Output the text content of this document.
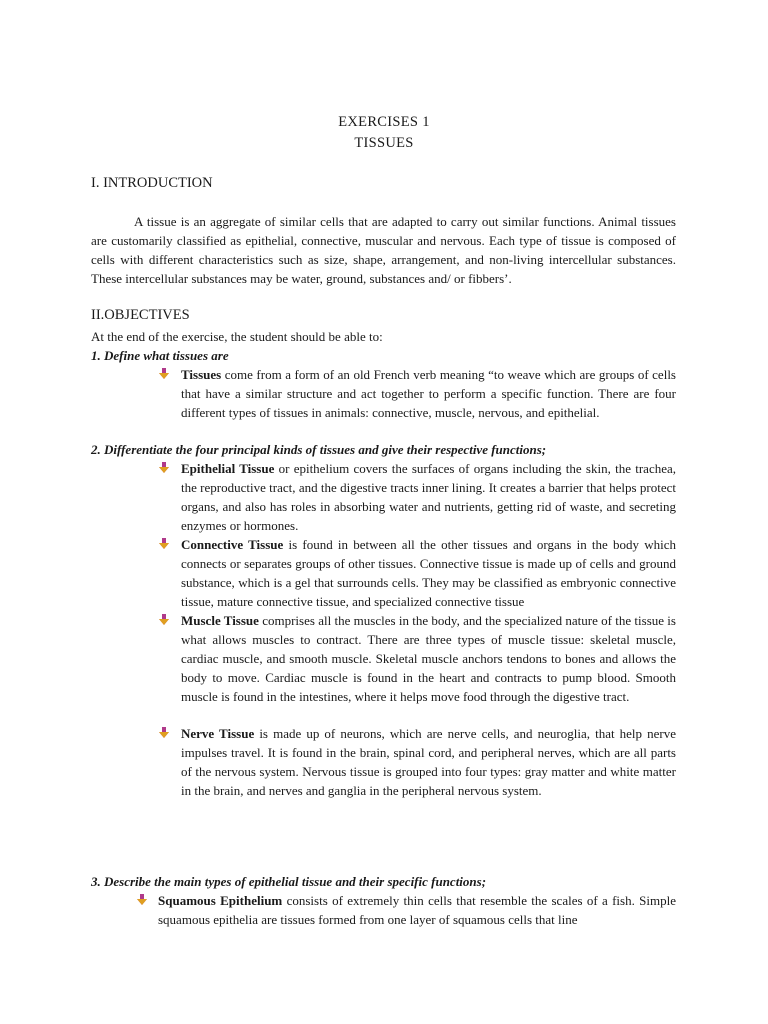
EXERCISES 1
TISSUES
I. INTRODUCTION
A tissue is an aggregate of similar cells that are adapted to carry out similar functions. Animal tissues are customarily classified as epithelial, connective, muscular and nervous. Each type of tissue is composed of cells with different characteristics such as size, shape, arrangement, and non-living intercellular substances. These intercellular substances may be water, ground, substances and/ or fibbers’.
II.OBJECTIVES
At the end of the exercise, the student should be able to:
1. Define what tissues are
Tissues come from a form of an old French verb meaning “to weave which are groups of cells that have a similar structure and act together to perform a specific function. There are four different types of tissues in animals: connective, muscle, nervous, and epithelial.
2. Differentiate the four principal kinds of tissues and give their respective functions;
Epithelial Tissue or epithelium covers the surfaces of organs including the skin, the trachea, the reproductive tract, and the digestive tracts inner lining. It creates a barrier that helps protect organs, and also has roles in absorbing water and nutrients, getting rid of waste, and secreting enzymes or hormones.
Connective Tissue is found in between all the other tissues and organs in the body which connects or separates groups of other tissues. Connective tissue is made up of cells and ground substance, which is a gel that surrounds cells. They may be classified as embryonic connective tissue, mature connective tissue, and specialized connective tissue
Muscle Tissue comprises all the muscles in the body, and the specialized nature of the tissue is what allows muscles to contract. There are three types of muscle tissue: skeletal muscle, cardiac muscle, and smooth muscle. Skeletal muscle anchors tendons to bones and allows the body to move. Cardiac muscle is found in the heart and contracts to pump blood. Smooth muscle is found in the intestines, where it helps move food through the digestive tract.
Nerve Tissue is made up of neurons, which are nerve cells, and neuroglia, that help nerve impulses travel. It is found in the brain, spinal cord, and peripheral nerves, which are all parts of the nervous system. Nervous tissue is grouped into four types: gray matter and white matter in the brain, and nerves and ganglia in the peripheral nervous system.
3. Describe the main types of epithelial tissue and their specific functions;
Squamous Epithelium consists of extremely thin cells that resemble the scales of a fish. Simple squamous epithelia are tissues formed from one layer of squamous cells that line
